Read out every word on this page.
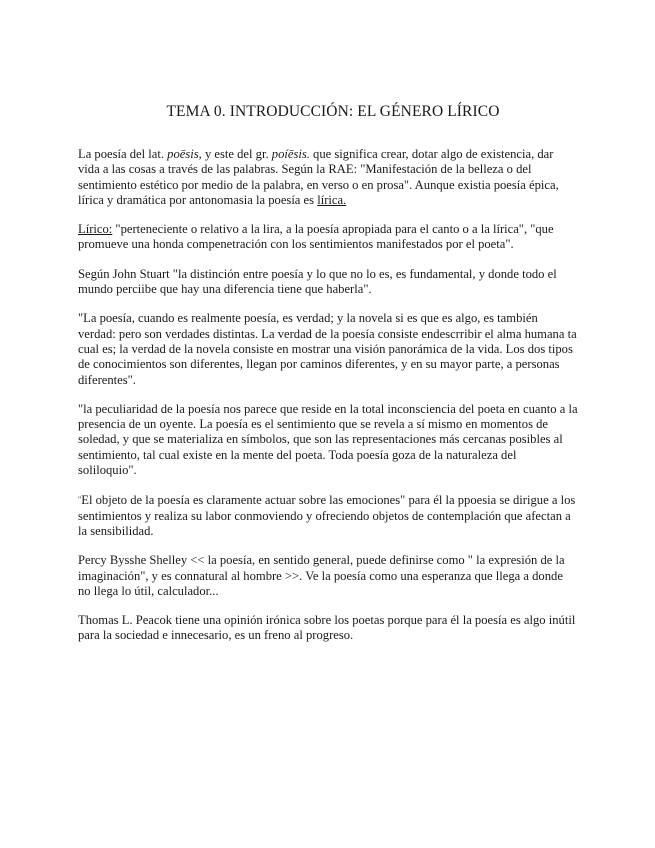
TEMA 0. INTRODUCCIÓN: EL GÉNERO LÍRICO

La poesía del lat. poēsis, y este del gr. poíēsis. que significa crear, dotar algo de existencia, dar vida a las cosas a través de las palabras. Según la RAE: "Manifestación de la belleza o del sentimiento estético por medio de la palabra, en verso o en prosa". Aunque existia poesía épica, lírica y dramática por antonomasia la poesía es lírica.

Lírico: "perteneciente o relativo a la lira, a la poesía apropiada para el canto o a la lírica", "que promueve una honda compenetración con los sentimientos manifestados por el poeta".

Según John Stuart "la distinción entre poesía y lo que no lo es, es fundamental, y donde todo el mundo perciibe que hay una diferencia tiene que haberla".

"La poesía, cuando es realmente poesía, es verdad; y la novela si es que es algo, es también verdad: pero son verdades distintas. La verdad de la poesía consiste endescrribir el alma humana ta cual es; la verdad de la novela consiste en mostrar una visión panorámica de la vida. Los dos tipos de conocimientos son diferentes, llegan por caminos diferentes, y en su mayor parte, a personas diferentes".

"la peculiaridad de la poesía nos parece que reside en la total inconsciencia del poeta en cuanto a la presencia de un oyente. La poesía es el sentimiento que se revela a sí mismo en momentos de soledad, y que se materializa en símbolos, que son las representaciones más cercanas posibles al sentimiento, tal cual existe en la mente del poeta. Toda poesía goza de la naturaleza del soliloquio".

"El objeto de la poesía es claramente actuar sobre las emociones" para él la ppoesia se dirigue a los sentimientos y realiza su labor conmoviendo y ofreciendo objetos de contemplación que afectan a la sensibilidad.

Percy Bysshe Shelley << la poesía, en sentido general, puede definirse como " la expresión de la imaginación", y es connatural al hombre >>. Ve la poesía como una esperanza que llega a donde no llega lo útil, calculador...

Thomas L. Peacok tiene una opinión irónica sobre los poetas porque para él la poesía es algo inútil para la sociedad e innecesario, es un freno al progreso.
